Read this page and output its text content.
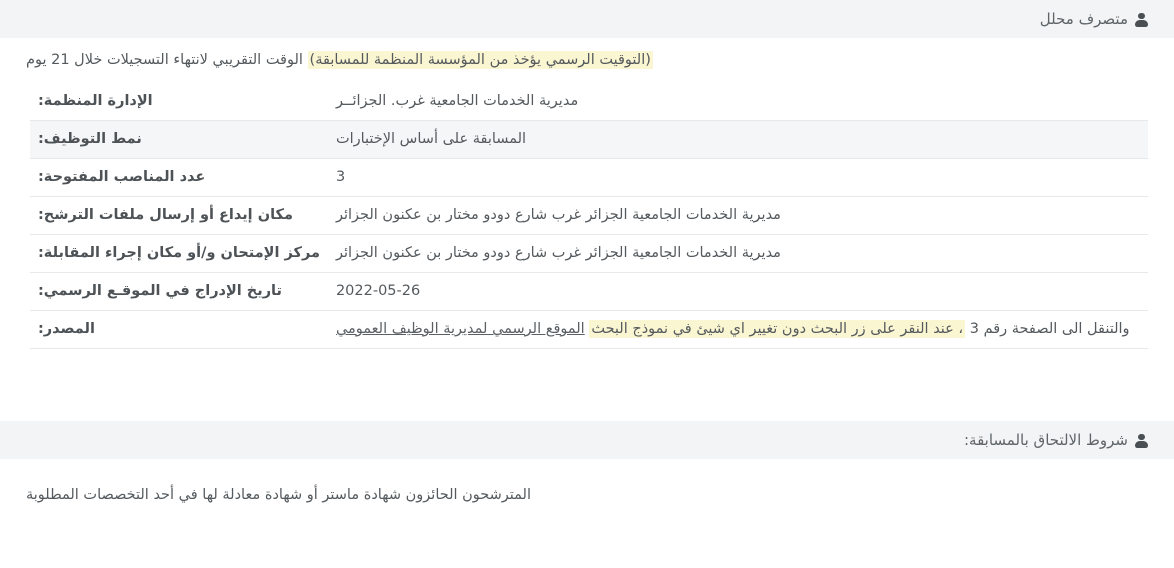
متصرف محلل
(التوقيت الرسمي يؤخذ من المؤسسة المنظمة للمسابقة) الوقت التقريبي لانتهاء التسجيلات خلال 21 يوم
مديرية الخدمات الجامعية غرب. الجزائــر	الإدارة المنظمة:
المسابقة على أساس الإختبارات	نمط التوظيف:
3	عدد المناصب المفتوحة:
مديرية الخدمات الجامعية الجزائر غرب شارع دودو مختار بن عكنون الجزائر	مكان إيداع أو إرسال ملفات الترشح:
مديرية الخدمات الجامعية الجزائر غرب شارع دودو مختار بن عكنون الجزائر	مركز الإمتحان و/أو مكان إجراء المقابلة:
2022-05-26	تاريخ الإدراج في الموقـع الرسمي:
والتنقل الى الصفحة رقم 3 ، عند النقر على زر البحث دون تغيير اي شيئ في نموذج البحث الموقع الرسمي لمديرية الوظيف العمومي	المصدر:
شروط الالتحاق بالمسابقة:
المترشحون الحائزون شهادة ماستر أو شهادة معادلة لها في أحد التخصصات المطلوبة
